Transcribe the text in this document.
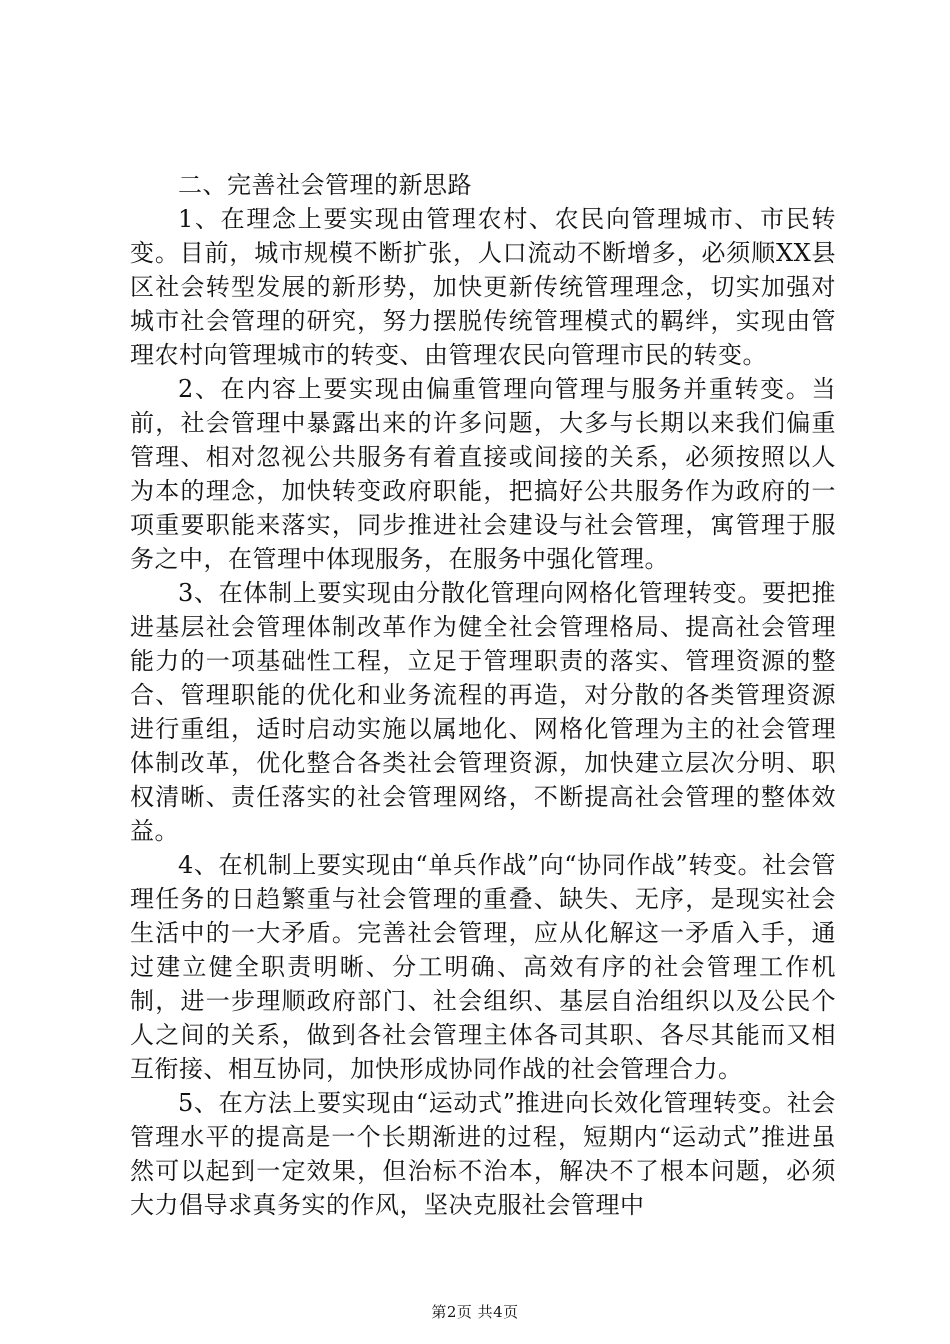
二、完善社会管理的新思路

1、在理念上要实现由管理农村、农民向管理城市、市民转变。目前，城市规模不断扩张，人口流动不断增多，必须顺XX县区社会转型发展的新形势，加快更新传统管理理念，切实加强对城市社会管理的研究，努力摆脱传统管理模式的羁绊，实现由管理农村向管理城市的转变、由管理农民向管理市民的转变。

2、在内容上要实现由偏重管理向管理与服务并重转变。当前，社会管理中暴露出来的许多问题，大多与长期以来我们偏重管理、相对忽视公共服务有着直接或间接的关系，必须按照以人为本的理念，加快转变政府职能，把搞好公共服务作为政府的一项重要职能来落实，同步推进社会建设与社会管理，寓管理于服务之中，在管理中体现服务，在服务中强化管理。

3、在体制上要实现由分散化管理向网格化管理转变。要把推进基层社会管理体制改革作为健全社会管理格局、提高社会管理能力的一项基础性工程，立足于管理职责的落实、管理资源的整合、管理职能的优化和业务流程的再造，对分散的各类管理资源进行重组，适时启动实施以属地化、网格化管理为主的社会管理体制改革，优化整合各类社会管理资源，加快建立层次分明、职权清晰、责任落实的社会管理网络，不断提高社会管理的整体效益。

4、在机制上要实现由“单兵作战”向“协同作战”转变。社会管理任务的日趋繁重与社会管理的重叠、缺失、无序，是现实社会生活中的一大矛盾。完善社会管理，应从化解这一矛盾入手，通过建立健全职责明晰、分工明确、高效有序的社会管理工作机制，进一步理顺政府部门、社会组织、基层自治组织以及公民个人之间的关系，做到各社会管理主体各司其职、各尽其能而又相互衔接、相互协同，加快形成协同作战的社会管理合力。

5、在方法上要实现由“运动式”推进向长效化管理转变。社会管理水平的提高是一个长期渐进的过程，短期内“运动式”推进虽然可以起到一定效果，但治标不治本，解决不了根本问题，必须大力倡导求真务实的作风，坚决克服社会管理中

第2页 共4页
